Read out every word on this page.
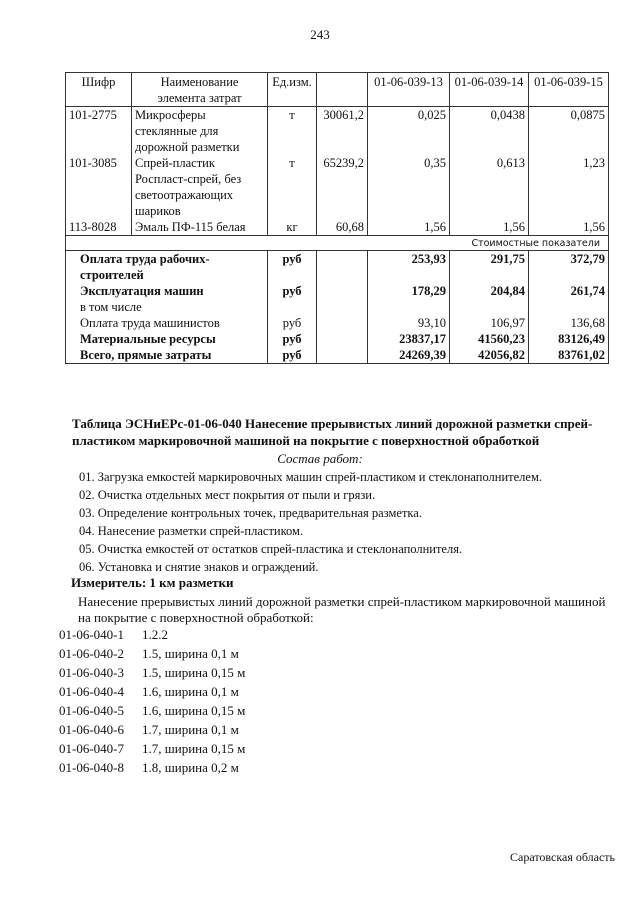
243
Шифр	Наименование элемента затрат	Ед.изм.		01-06-039-13	01-06-039-14	01-06-039-15
101-2775	Микросферы стеклянные для дорожной разметки	т	30061,2	0,025	0,0438	0,0875
101-3085	Спрей-пластик Роспласт-спрей, без светоотражающих шариков	т	65239,2	0,35	0,613	1,23
113-8028	Эмаль ПФ-115 белая	кг	60,68	1,56	1,56	1,56
Стоимостные показатели						
Оплата труда рабочих-строителей		руб		253,93	291,75	372,79
Эксплуатация машин		руб		178,29	204,84	261,74
в том числе						
Оплата труда машинистов		руб		93,10	106,97	136,68
Материальные ресурсы		руб		23837,17	41560,23	83126,49
Всего, прямые затраты		руб		24269,39	42056,82	83761,02
Таблица ЭСНиЕРс-01-06-040 Нанесение прерывистых линий дорожной разметки спрей-пластиком маркировочной машиной на покрытие с поверхностной обработкой
Состав работ:
01. Загрузка емкостей маркировочных машин спрей-пластиком и стеклонаполнителем.
02. Очистка отдельных мест покрытия от пыли и грязи.
03. Определение контрольных точек, предварительная разметка.
04. Нанесение разметки спрей-пластиком.
05. Очистка емкостей от остатков спрей-пластика и стеклонаполнителя.
06. Установка и снятие знаков и ограждений.
Измеритель: 1 км разметки
Нанесение прерывистых линий дорожной разметки спрей-пластиком маркировочной машиной на покрытие с поверхностной обработкой:
01-06-040-1	1.2.2
01-06-040-2	1.5, ширина 0,1 м
01-06-040-3	1.5, ширина 0,15 м
01-06-040-4	1.6, ширина 0,1 м
01-06-040-5	1.6, ширина 0,15 м
01-06-040-6	1.7, ширина 0,1 м
01-06-040-7	1.7, ширина 0,15 м
01-06-040-8	1.8, ширина 0,2 м
Саратовская область
